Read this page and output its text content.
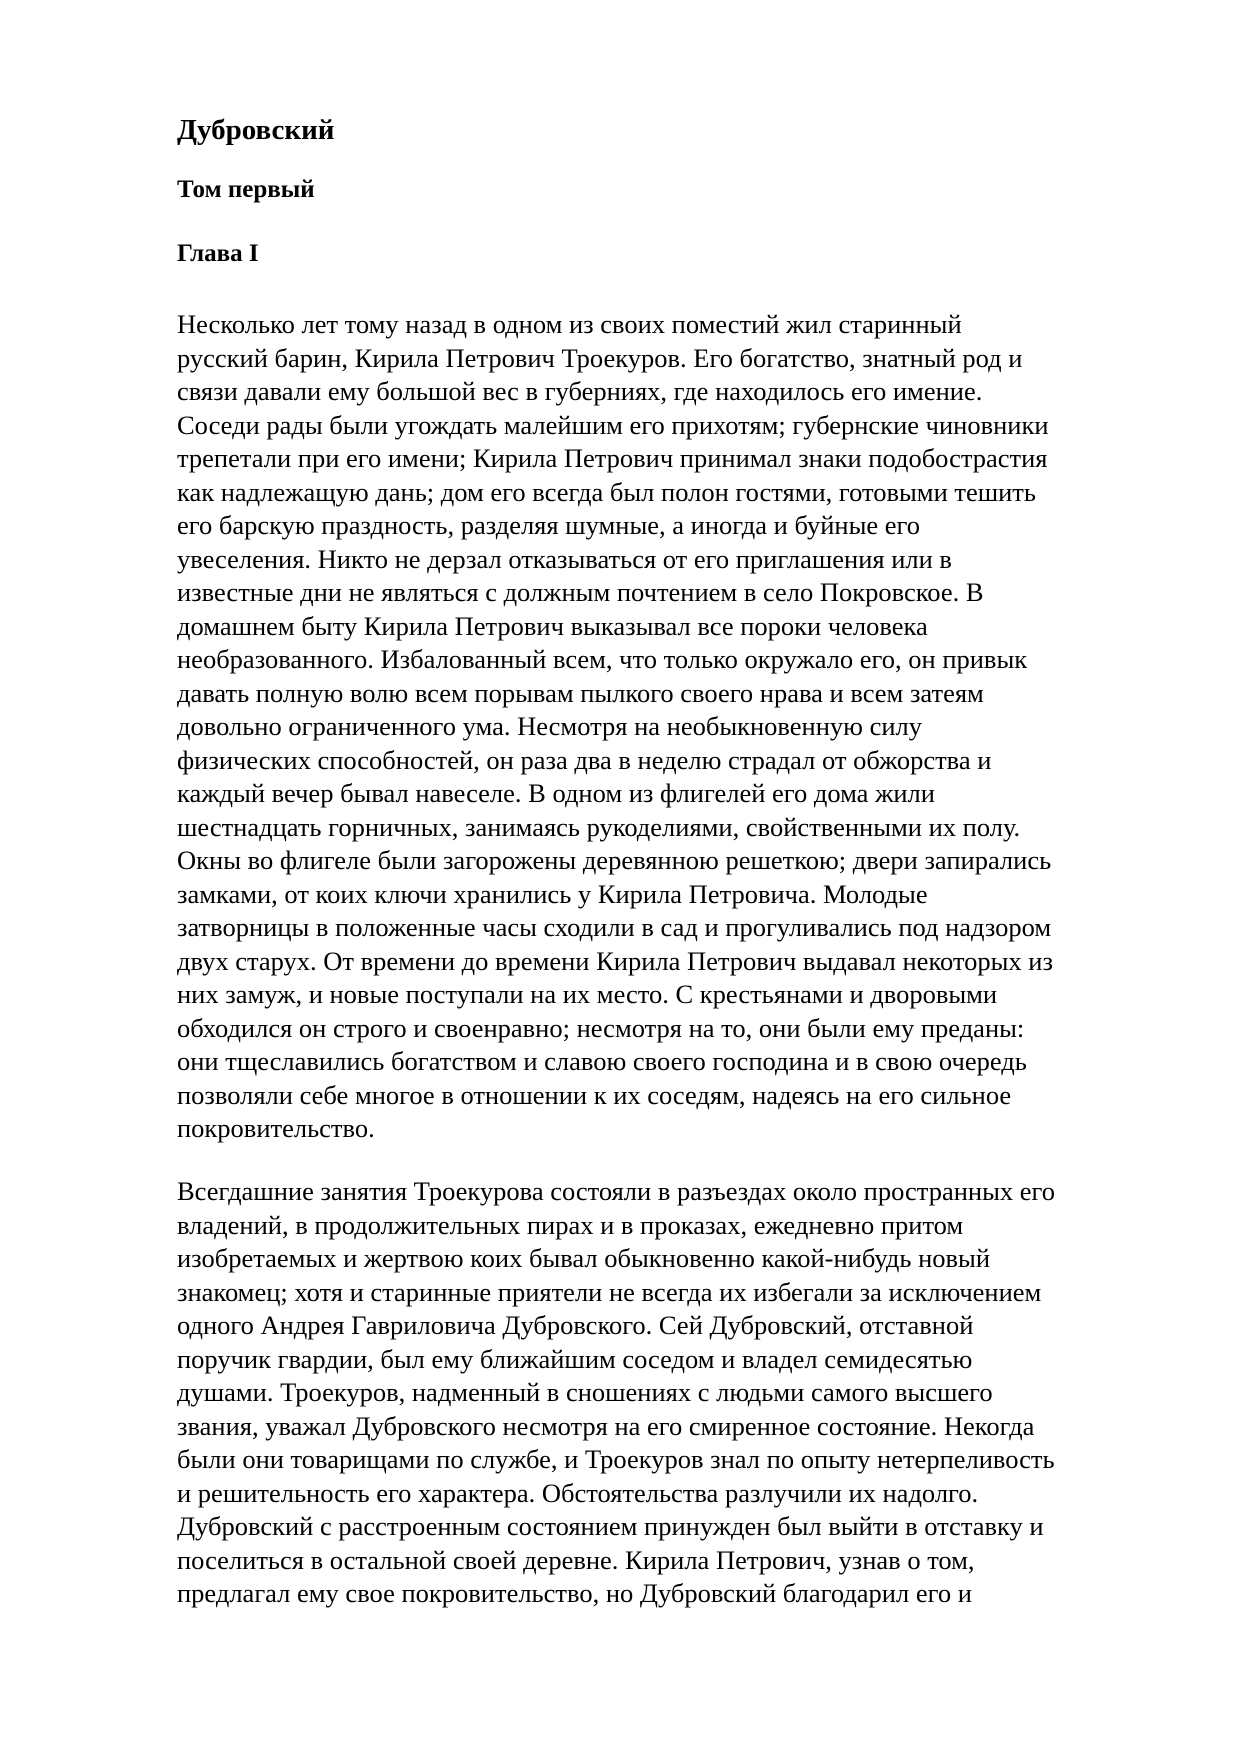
Дубровский
Том первый
Глава I
Несколько лет тому назад в одном из своих поместий жил старинный
русский барин, Кирила Петрович Троекуров. Его богатство, знатный род и
связи давали ему большой вес в губерниях, где находилось его имение.
Соседи рады были угождать малейшим его прихотям; губернские чиновники
трепетали при его имени; Кирила Петрович принимал знаки подобострастия
как надлежащую дань; дом его всегда был полон гостями, готовыми тешить
его барскую праздность, разделяя шумные, а иногда и буйные его
увеселения. Никто не дерзал отказываться от его приглашения или в
известные дни не являться с должным почтением в село Покровское. В
домашнем быту Кирила Петрович выказывал все пороки человека
необразованного. Избалованный всем, что только окружало его, он привык
давать полную волю всем порывам пылкого своего нрава и всем затеям
довольно ограниченного ума. Несмотря на необыкновенную силу
физических способностей, он раза два в неделю страдал от обжорства и
каждый вечер бывал навеселе. В одном из флигелей его дома жили
шестнадцать горничных, занимаясь рукоделиями, свойственными их полу.
Окны во флигеле были загорожены деревянною решеткою; двери запирались
замками, от коих ключи хранились у Кирила Петровича. Молодые
затворницы в положенные часы сходили в сад и прогуливались под надзором
двух старух. От времени до времени Кирила Петрович выдавал некоторых из
них замуж, и новые поступали на их место. С крестьянами и дворовыми
обходился он строго и своенравно; несмотря на то, они были ему преданы:
они тщеславились богатством и славою своего господина и в свою очередь
позволяли себе многое в отношении к их соседям, надеясь на его сильное
покровительство.
Всегдашние занятия Троекурова состояли в разъездах около пространных его
владений, в продолжительных пирах и в проказах, ежедневно притом
изобретаемых и жертвою коих бывал обыкновенно какой-нибудь новый
знакомец; хотя и старинные приятели не всегда их избегали за исключением
одного Андрея Гавриловича Дубровского. Сей Дубровский, отставной
поручик гвардии, был ему ближайшим соседом и владел семидесятью
душами. Троекуров, надменный в сношениях с людьми самого высшего
звания, уважал Дубровского несмотря на его смиренное состояние. Некогда
были они товарищами по службе, и Троекуров знал по опыту нетерпеливость
и решительность его характера. Обстоятельства разлучили их надолго.
Дубровский с расстроенным состоянием принужден был выйти в отставку и
поселиться в остальной своей деревне. Кирила Петрович, узнав о том,
предлагал ему свое покровительство, но Дубровский благодарил его и
